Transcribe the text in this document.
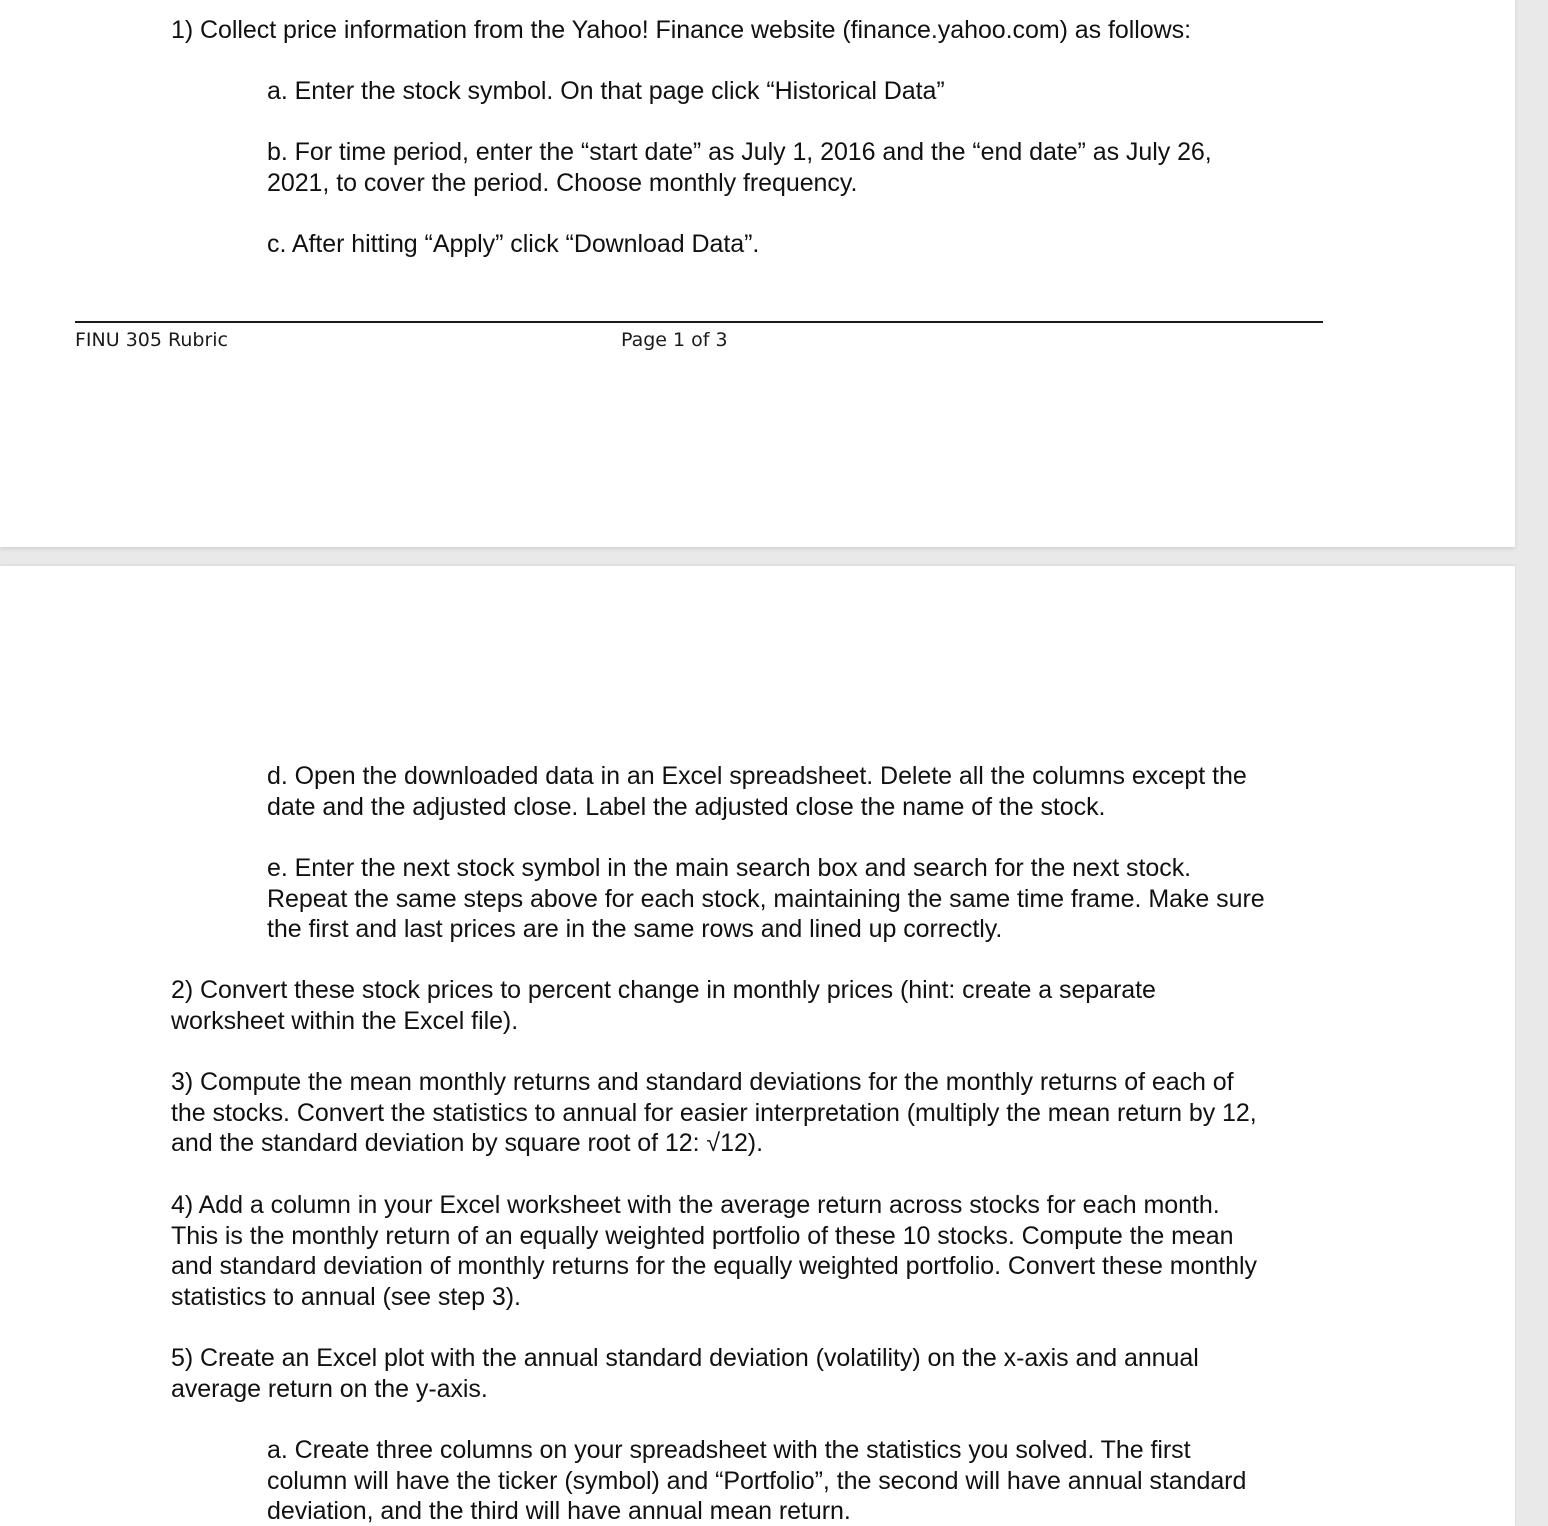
1) Collect price information from the Yahoo! Finance website (finance.yahoo.com) as follows:

a. Enter the stock symbol. On that page click “Historical Data”

b. For time period, enter the “start date” as July 1, 2016 and the “end date” as July 26,
2021, to cover the period. Choose monthly frequency.

c. After hitting “Apply” click “Download Data”.

FINU 305 Rubric	Page 1 of 3

d. Open the downloaded data in an Excel spreadsheet. Delete all the columns except the
date and the adjusted close. Label the adjusted close the name of the stock.

e. Enter the next stock symbol in the main search box and search for the next stock.
Repeat the same steps above for each stock, maintaining the same time frame. Make sure
the first and last prices are in the same rows and lined up correctly.

2) Convert these stock prices to percent change in monthly prices (hint: create a separate
worksheet within the Excel file).

3) Compute the mean monthly returns and standard deviations for the monthly returns of each of
the stocks. Convert the statistics to annual for easier interpretation (multiply the mean return by 12,
and the standard deviation by square root of 12: √12).

4) Add a column in your Excel worksheet with the average return across stocks for each month.
This is the monthly return of an equally weighted portfolio of these 10 stocks. Compute the mean
and standard deviation of monthly returns for the equally weighted portfolio. Convert these monthly
statistics to annual (see step 3).

5) Create an Excel plot with the annual standard deviation (volatility) on the x-axis and annual
average return on the y-axis.

a. Create three columns on your spreadsheet with the statistics you solved. The first
column will have the ticker (symbol) and “Portfolio”, the second will have annual standard
deviation, and the third will have annual mean return.
